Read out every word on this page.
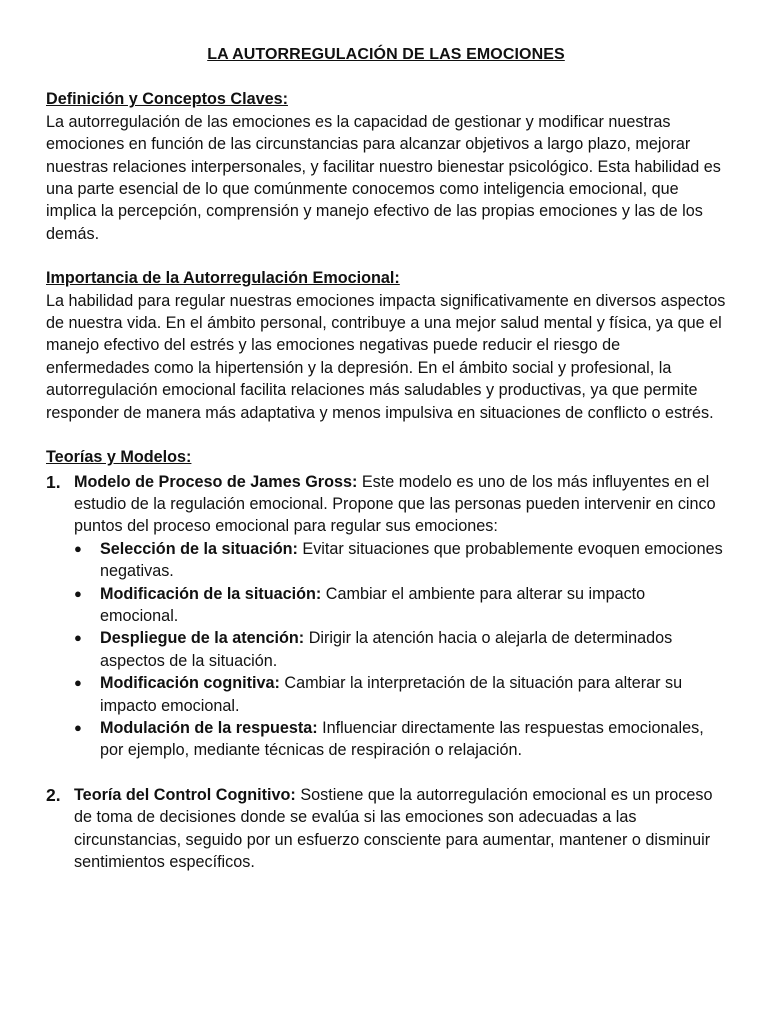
LA AUTORREGULACIÓN DE LAS EMOCIONES

Definición y Conceptos Claves:

La autorregulación de las emociones es la capacidad de gestionar y modificar nuestras emociones en función de las circunstancias para alcanzar objetivos a largo plazo, mejorar nuestras relaciones interpersonales, y facilitar nuestro bienestar psicológico. Esta habilidad es una parte esencial de lo que comúnmente conocemos como inteligencia emocional, que implica la percepción, comprensión y manejo efectivo de las propias emociones y las de los demás.

Importancia de la Autorregulación Emocional:

La habilidad para regular nuestras emociones impacta significativamente en diversos aspectos de nuestra vida. En el ámbito personal, contribuye a una mejor salud mental y física, ya que el manejo efectivo del estrés y las emociones negativas puede reducir el riesgo de enfermedades como la hipertensión y la depresión. En el ámbito social y profesional, la autorregulación emocional facilita relaciones más saludables y productivas, ya que permite responder de manera más adaptativa y menos impulsiva en situaciones de conflicto o estrés.

Teorías y Modelos:

1. Modelo de Proceso de James Gross: Este modelo es uno de los más influyentes en el estudio de la regulación emocional. Propone que las personas pueden intervenir en cinco puntos del proceso emocional para regular sus emociones:
● Selección de la situación: Evitar situaciones que probablemente evoquen emociones negativas.
● Modificación de la situación: Cambiar el ambiente para alterar su impacto emocional.
● Despliegue de la atención: Dirigir la atención hacia o alejarla de determinados aspectos de la situación.
● Modificación cognitiva: Cambiar la interpretación de la situación para alterar su impacto emocional.
● Modulación de la respuesta: Influenciar directamente las respuestas emocionales, por ejemplo, mediante técnicas de respiración o relajación.
2. Teoría del Control Cognitivo: Sostiene que la autorregulación emocional es un proceso de toma de decisiones donde se evalúa si las emociones son adecuadas a las circunstancias, seguido por un esfuerzo consciente para aumentar, mantener o disminuir sentimientos específicos.
